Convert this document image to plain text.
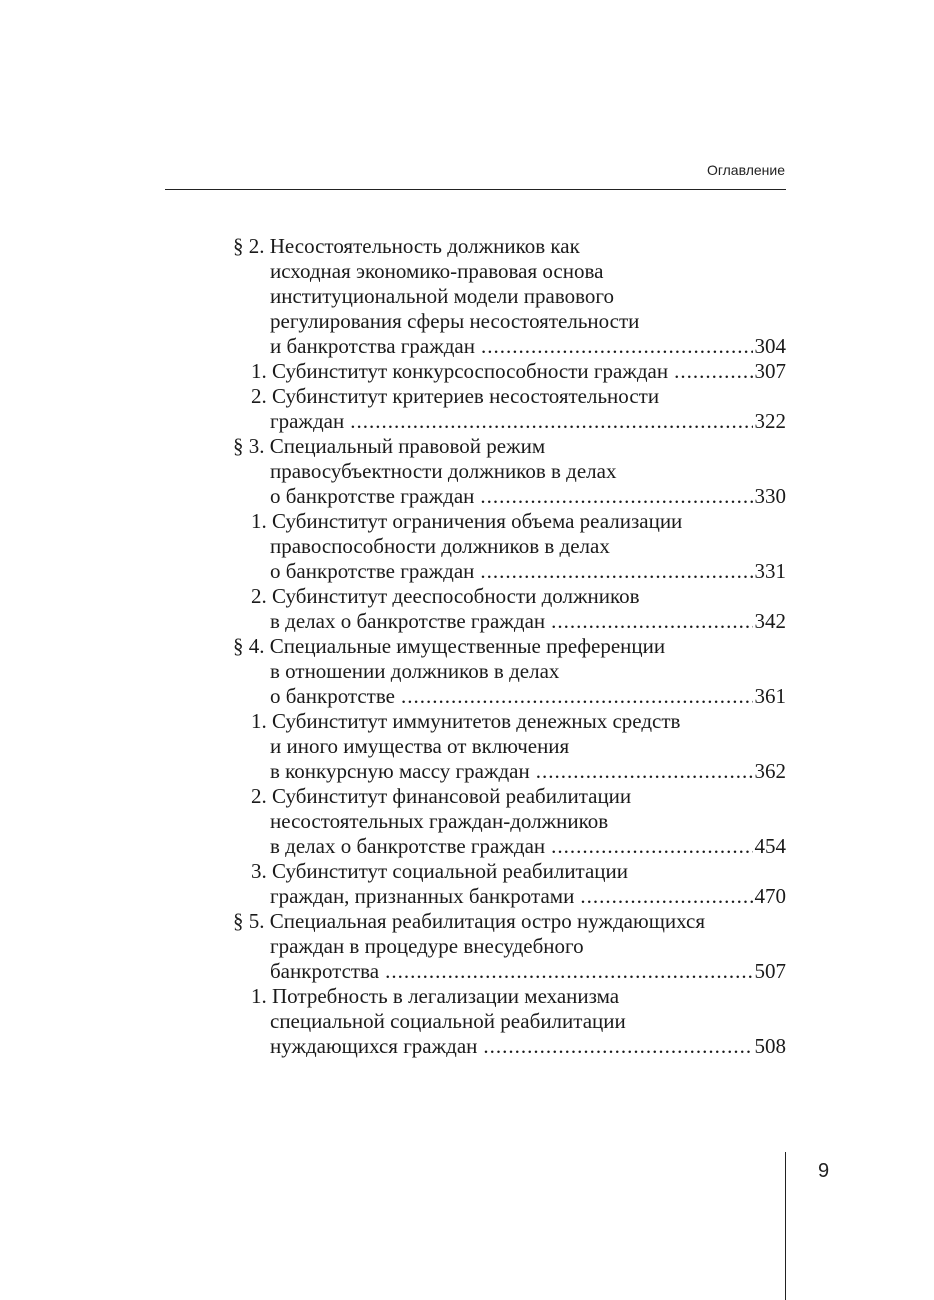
Оглавление
§ 2. Несостоятельность должников как
исходная экономико-правовая основа
институциональной модели правового
регулирования сферы несостоятельности
и банкротства граждан .....	304
1. Субинститут конкурсоспособности граждан .....	307
2. Субинститут критериев несостоятельности
граждан .....	322
§ 3. Специальный правовой режим
правосубъектности должников в делах
о банкротстве граждан .....	330
1. Субинститут ограничения объема реализации
правоспособности должников в делах
о банкротстве граждан .....	331
2. Субинститут дееспособности должников
в делах о банкротстве граждан .....	342
§ 4. Специальные имущественные преференции
в отношении должников в делах
о банкротстве .....	361
1. Субинститут иммунитетов денежных средств
и иного имущества от включения
в конкурсную массу граждан .....	362
2. Субинститут финансовой реабилитации
несостоятельных граждан-должников
в делах о банкротстве граждан .....	454
3. Субинститут социальной реабилитации
граждан, признанных банкротами .....	470
§ 5. Специальная реабилитация остро нуждающихся
граждан в процедуре внесудебного
банкротства .....	507
1. Потребность в легализации механизма
специальной социальной реабилитации
нуждающихся граждан .....	508
9
